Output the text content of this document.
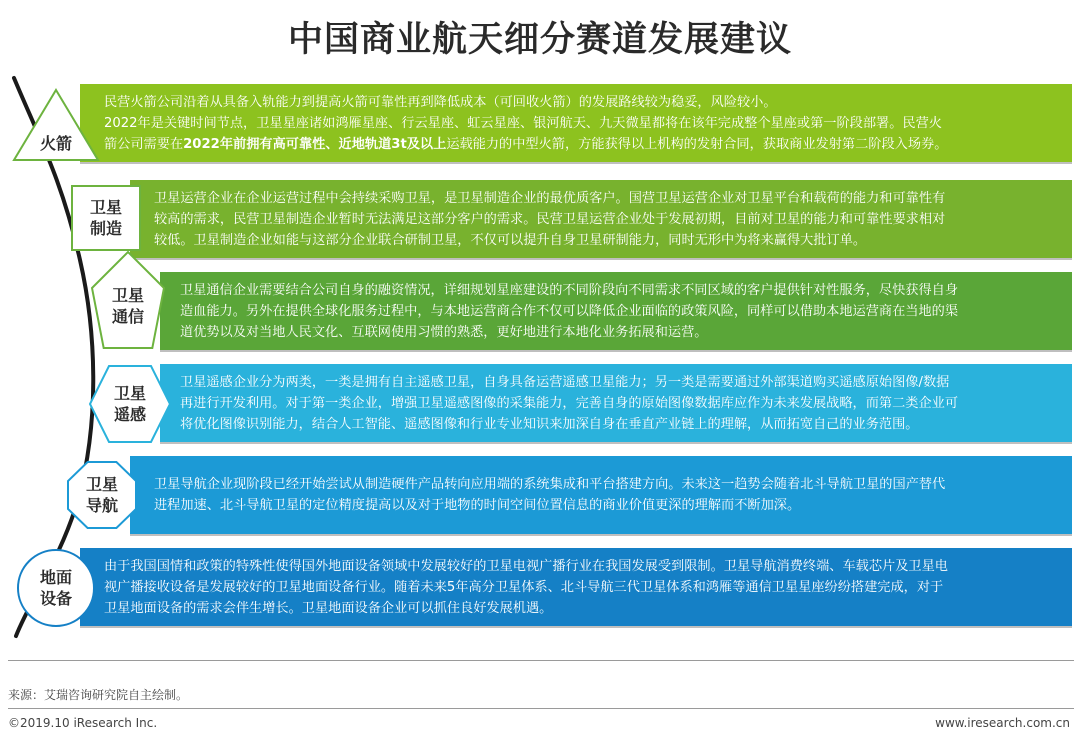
中国商业航天细分赛道发展建议
民营火箭公司沿着从具备入轨能力到提高火箭可靠性再到降低成本（可回收火箭）的发展路线较为稳妥，风险较小。
2022年是关键时间节点，卫星星座诸如鸿雁星座、行云星座、虹云星座、银河航天、九天微星都将在该年完成整个星座或第一阶段部署。民营火
箭公司需要在2022年前拥有高可靠性、近地轨道3t及以上运载能力的中型火箭，方能获得以上机构的发射合同，获取商业发射第二阶段入场券。
卫星运营企业在企业运营过程中会持续采购卫星，是卫星制造企业的最优质客户。国营卫星运营企业对卫星平台和载荷的能力和可靠性有
较高的需求，民营卫星制造企业暂时无法满足这部分客户的需求。民营卫星运营企业处于发展初期，目前对卫星的能力和可靠性要求相对
较低。卫星制造企业如能与这部分企业联合研制卫星，不仅可以提升自身卫星研制能力，同时无形中为将来赢得大批订单。
卫星通信企业需要结合公司自身的融资情况，详细规划星座建设的不同阶段向不同需求不同区域的客户提供针对性服务，尽快获得自身
造血能力。另外在提供全球化服务过程中，与本地运营商合作不仅可以降低企业面临的政策风险，同样可以借助本地运营商在当地的渠
道优势以及对当地人民文化、互联网使用习惯的熟悉，更好地进行本地化业务拓展和运营。
卫星遥感企业分为两类，一类是拥有自主遥感卫星，自身具备运营遥感卫星能力；另一类是需要通过外部渠道购买遥感原始图像/数据
再进行开发利用。对于第一类企业，增强卫星遥感图像的采集能力，完善自身的原始图像数据库应作为未来发展战略，而第二类企业可
将优化图像识别能力，结合人工智能、遥感图像和行业专业知识来加深自身在垂直产业链上的理解，从而拓宽自己的业务范围。
卫星导航企业现阶段已经开始尝试从制造硬件产品转向应用端的系统集成和平台搭建方向。未来这一趋势会随着北斗导航卫星的国产替代
进程加速、北斗导航卫星的定位精度提高以及对于地物的时间空间位置信息的商业价值更深的理解而不断加深。
由于我国国情和政策的特殊性使得国外地面设备领域中发展较好的卫星电视广播行业在我国发展受到限制。卫星导航消费终端、车载芯片及卫星电
视广播接收设备是发展较好的卫星地面设备行业。随着未来5年高分卫星体系、北斗导航三代卫星体系和鸿雁等通信卫星星座纷纷搭建完成，对于
卫星地面设备的需求会伴生增长。卫星地面设备企业可以抓住良好发展机遇。
来源：艾瑞咨询研究院自主绘制。
©2019.10 iResearch Inc.	www.iresearch.com.cn
火箭
卫星
制造
卫星
通信
卫星
遥感
卫星
导航
地面
设备
